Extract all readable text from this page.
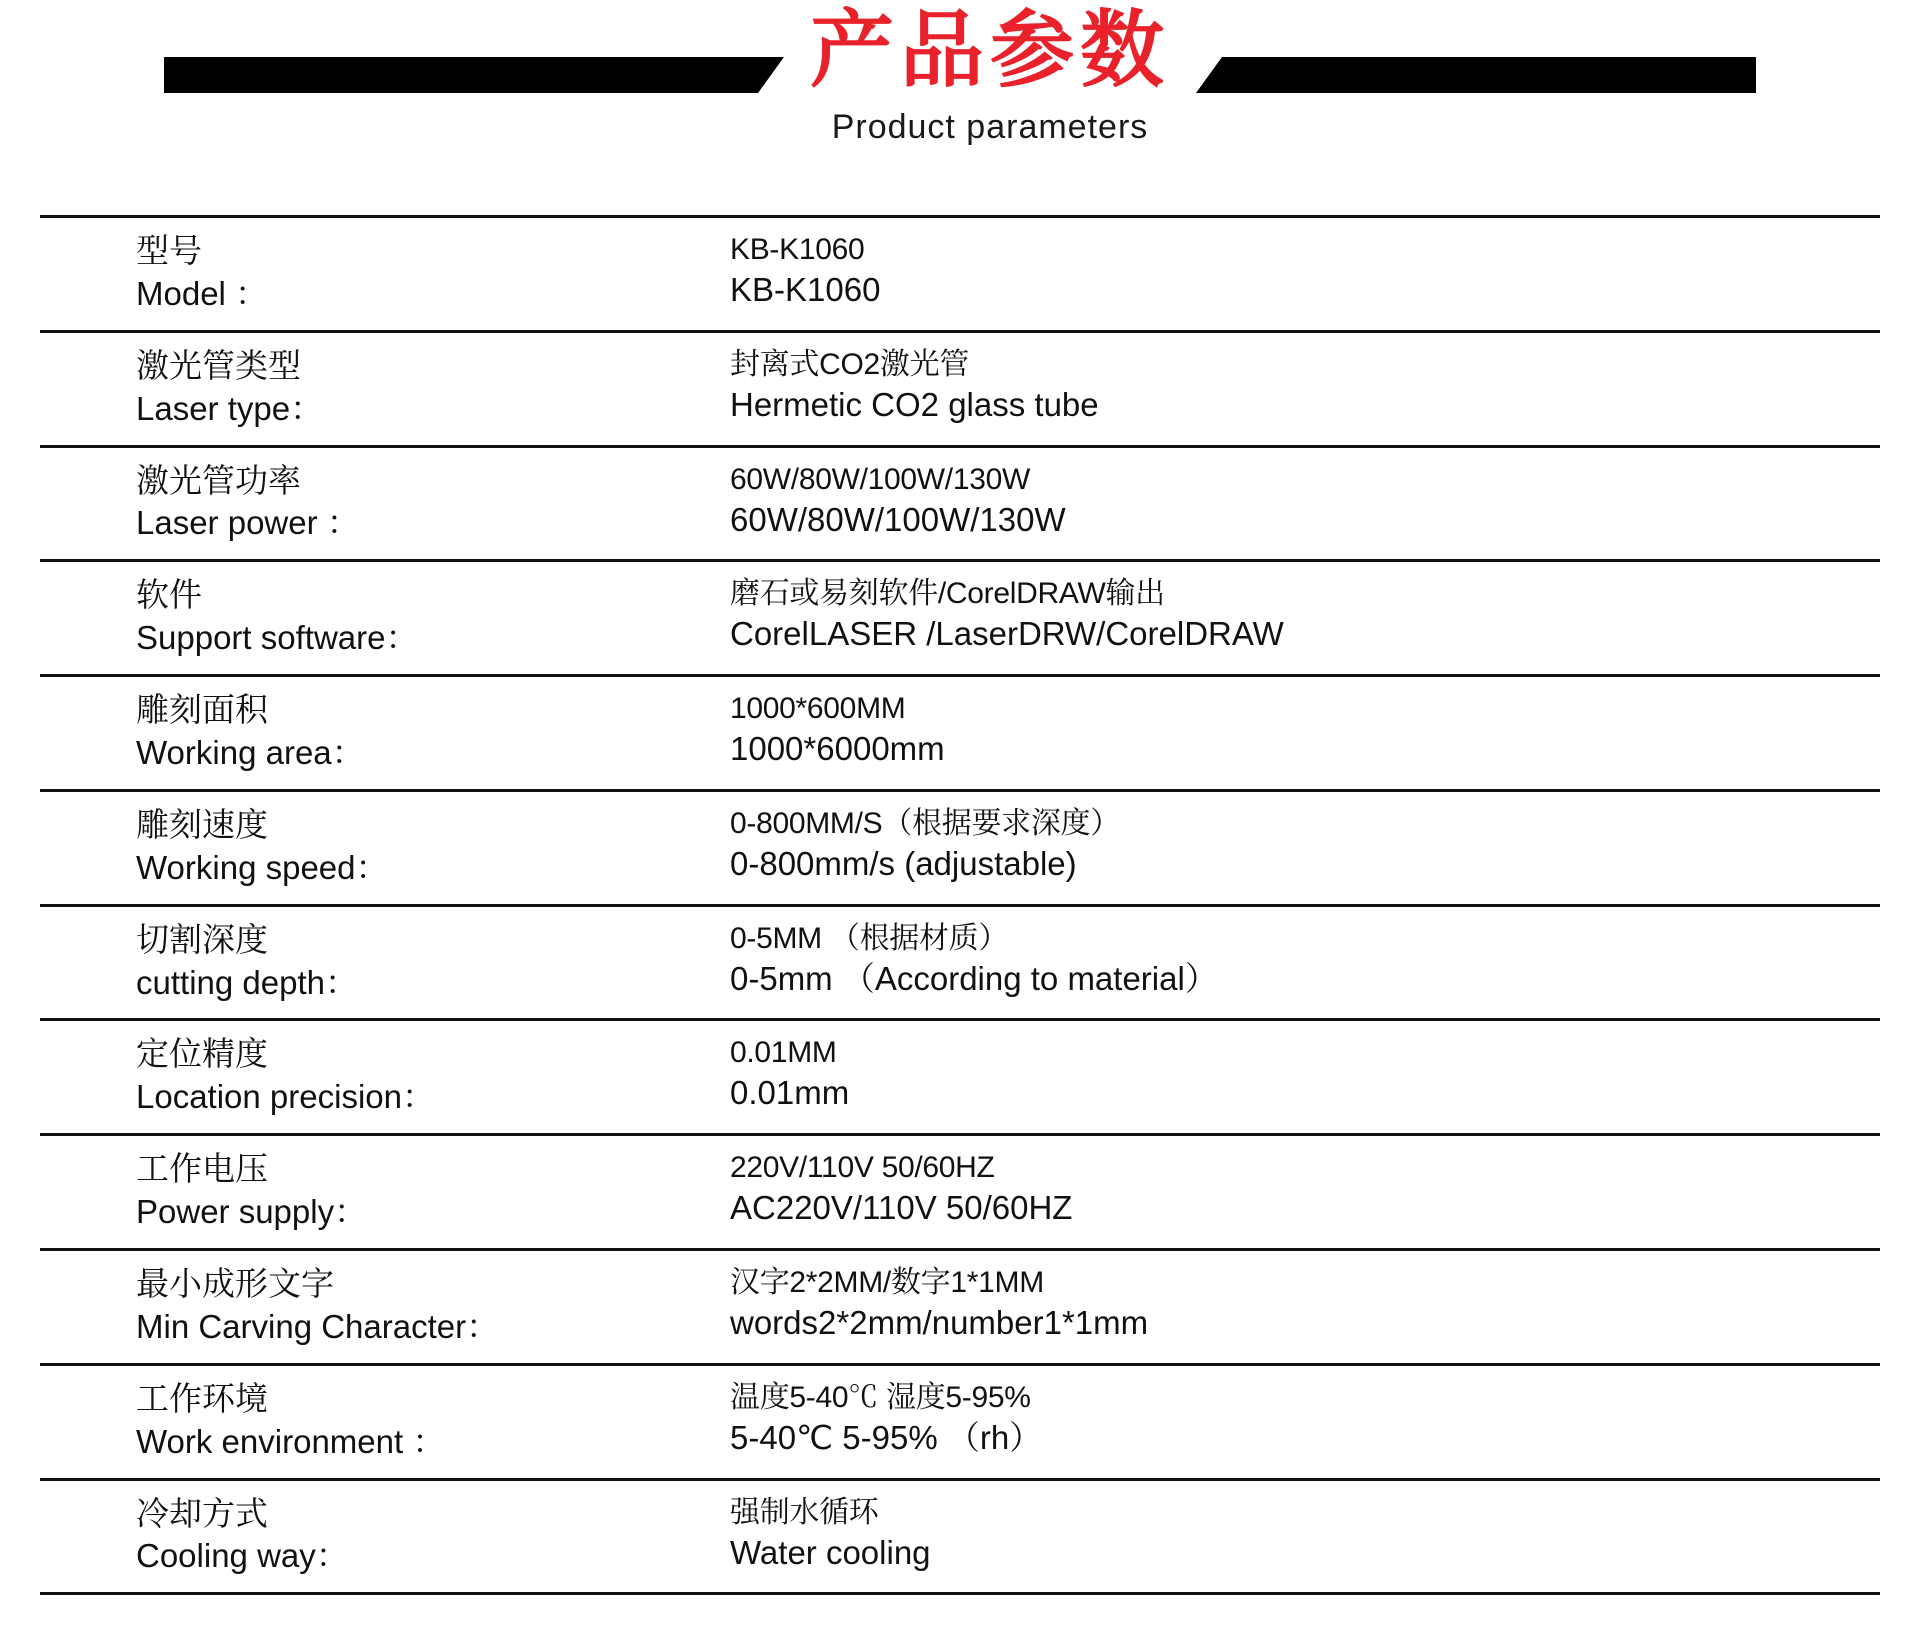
产品参数
Product parameters
型号
Model ：

KB-K1060
KB-K1060

激光管类型
Laser type：

封离式CO2激光管
Hermetic CO2 glass tube

激光管功率
Laser power ：

60W/80W/100W/130W
60W/80W/100W/130W

软件
Support software：

磨石或易刻软件/CorelDRAW输出
CorelLASER /LaserDRW/CorelDRAW

雕刻面积
Working area：

1000*600MM
1000*6000mm

雕刻速度
Working speed：

0-800MM/S（根据要求深度）
0-800mm/s (adjustable)

切割深度
cutting depth：

0-5MM （根据材质）
0-5mm （According to material）

定位精度
Location precision：

0.01MM
0.01mm

工作电压
Power supply：

220V/110V 50/60HZ
AC220V/110V 50/60HZ

最小成形文字
Min Carving Character：

汉字2*2MM/数字1*1MM
words2*2mm/number1*1mm

工作环境
Work environment ：

温度5-40℃ 湿度5-95%
5-40℃ 5-95% （rh）

冷却方式
Cooling way：

强制水循环
Water cooling
